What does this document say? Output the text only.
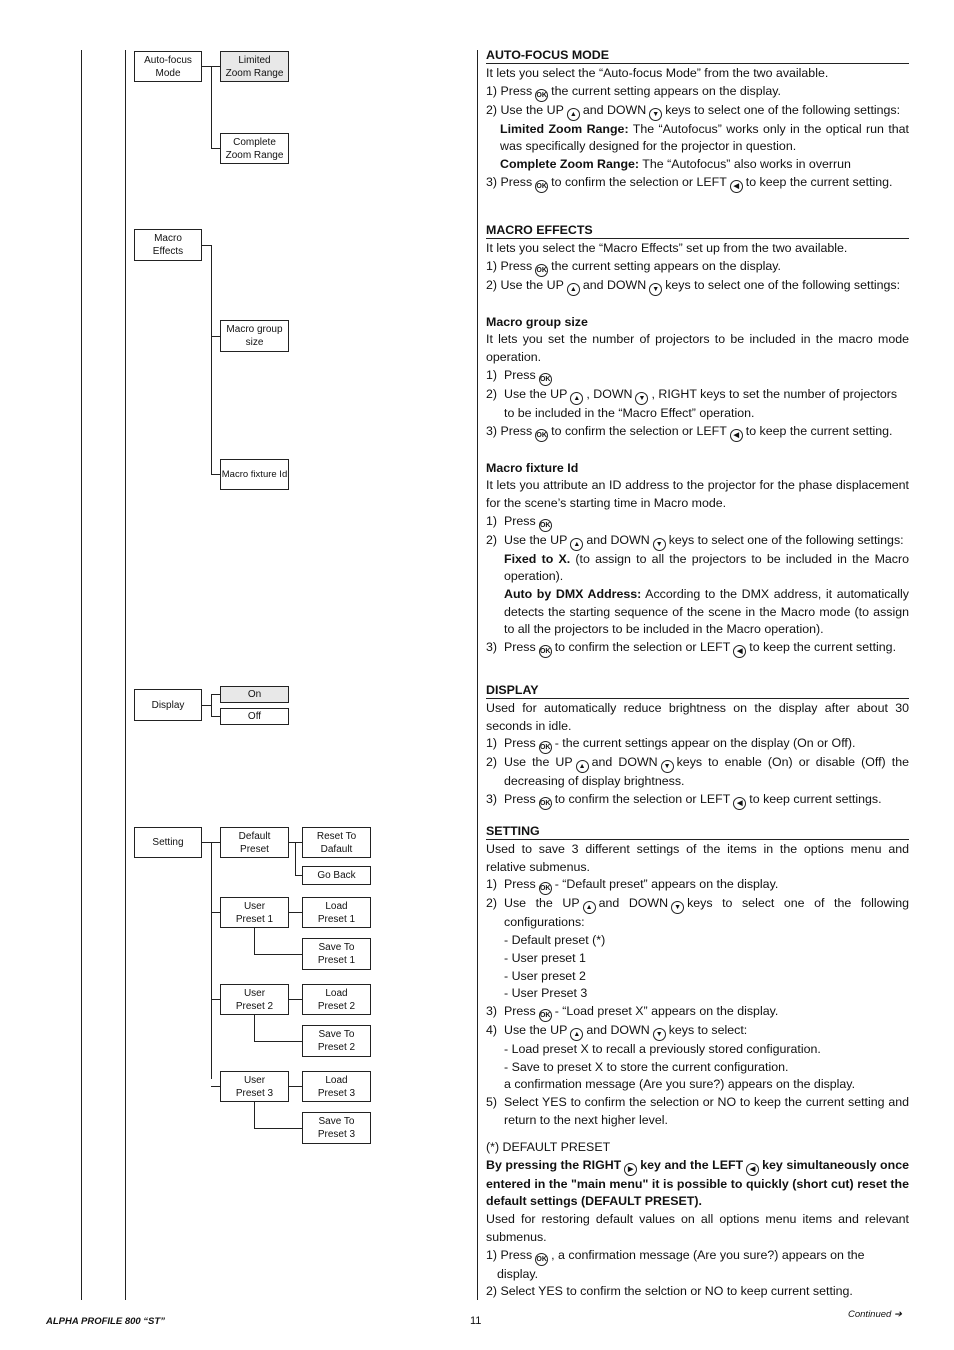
Auto-focus
Mode
Limited
Zoom Range
Complete
Zoom Range
Macro
Effects
Macro group
size
Macro fixture Id
Display
On
Off
Setting
Default
Preset
Reset To
Dafault
Go Back
User
Preset 1
Load
Preset 1
Save To
Preset 1
User
Preset 2
Load
Preset 2
Save To
Preset 2
User
Preset 3
Load
Preset 3
Save To
Preset 3
AUTO-FOCUS MODE

It lets you select the “Auto-focus Mode” from the two available.

1) Press OK the current setting appears on the display.
2) Use the UP ▲ and DOWN ▼ keys to select one of the following settings:

Limited Zoom Range: The “Autofocus” works only in the optical run that was specifically designed for the projector in question.

Complete Zoom Range: The “Autofocus” also works in overrun

3) Press OK to confirm the selection or LEFT ◀ to keep the current setting.
MACRO EFFECTS

It lets you select the “Macro Effects” set up from the two available.

1) Press OK the current setting appears on the display.
2) Use the UP ▲ and DOWN ▼ keys to select one of the following settings:
Macro group size

It lets you set the number of projectors to be included in the macro mode operation.

1) Press OK
2) Use the UP ▲ , DOWN ▼ , RIGHT keys to set the number of projectors to be included in the “Macro Effect” operation.
3) Press OK to confirm the selection or LEFT ◀ to keep the current setting.
Macro fixture Id

It lets you attribute an ID address to the projector for the phase displacement for the scene’s starting time in Macro mode.

1) Press OK
2) Use the UP ▲ and DOWN ▼ keys to select one of the following settings:

Fixed to X. (to assign to all the projectors to be included in the Macro operation).

Auto by DMX Address: According to the DMX address, it automatically detects the starting sequence of the scene in the Macro mode (to assign to all the projectors to be included in the Macro operation).

3) Press OK to confirm the selection or LEFT ◀ to keep the current setting.

DISPLAY

Used for automatically reduce brightness on the display after about 30 seconds in idle.

1) Press OK - the current settings appear on the display (On or Off).
2) Use the UP ▲ and DOWN ▼ keys to enable (On) or disable (Off) the decreasing of display brightness.

3) Press OK to confirm the selection or LEFT ◀ to keep current settings.
SETTING

Used to save 3 different settings of the items in the options menu and relative submenus.

1) Press OK - “Default preset” appears on the display.
2) Use the UP ▲ and DOWN ▼ keys to select one of the following configurations:

- Default preset (*)
- User preset 1
- User preset 2
- User Preset 3
3) Press OK - “Load preset X” appears on the display.
4) Use the UP ▲ and DOWN ▼ keys to select:
- Load preset X to recall a previously stored configuration.
- Save to preset X to store the current configuration.
a confirmation message (Are you sure?) appears on the display.
5) Select YES to confirm the selection or NO to keep the current setting and return to the next higher level.

(*) DEFAULT PRESET

By pressing the RIGHT ▶ key and the LEFT ◀ key simultaneously once entered in the "main menu" it is possible to quickly (short cut) reset the default settings (DEFAULT PRESET).

Used for restoring default values on all options menu items and relevant submenus.

1) Press OK , a confirmation message (Are you sure?) appears on the display.
2) Select YES to confirm the selction or NO to keep current setting.
ALPHA PROFILE 800 “ST”	11
Continued ➔
